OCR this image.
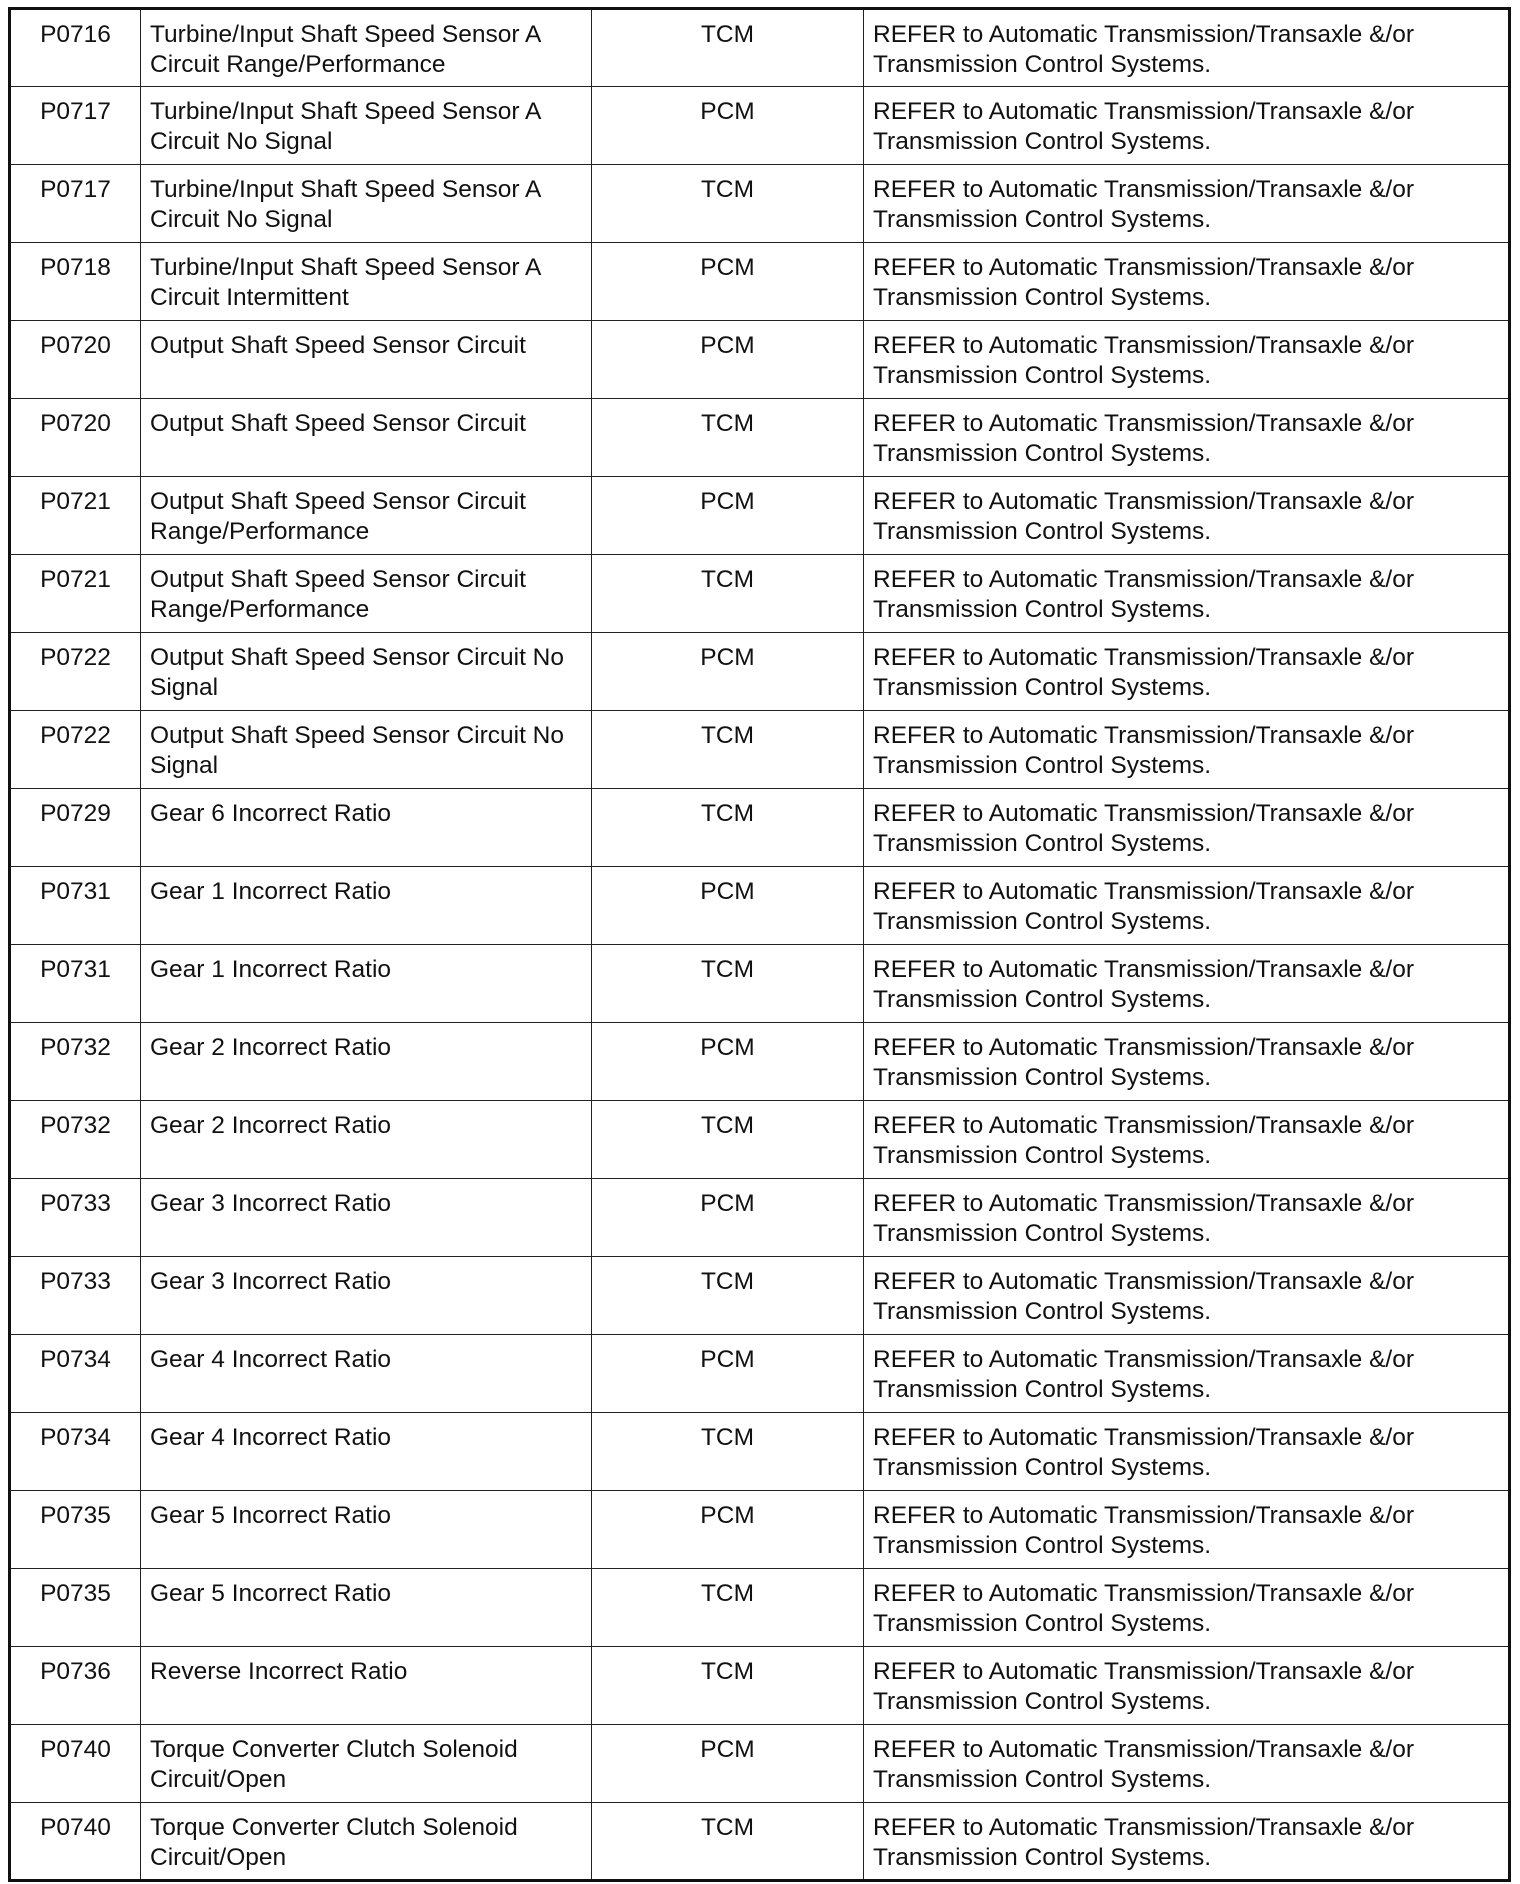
P0716	Turbine/Input Shaft Speed Sensor A Circuit Range/Performance	TCM	REFER to Automatic Transmission/Transaxle &/or Transmission Control Systems.
P0717	Turbine/Input Shaft Speed Sensor A Circuit No Signal	PCM	REFER to Automatic Transmission/Transaxle &/or Transmission Control Systems.
P0717	Turbine/Input Shaft Speed Sensor A Circuit No Signal	TCM	REFER to Automatic Transmission/Transaxle &/or Transmission Control Systems.
P0718	Turbine/Input Shaft Speed Sensor A Circuit Intermittent	PCM	REFER to Automatic Transmission/Transaxle &/or Transmission Control Systems.
P0720	Output Shaft Speed Sensor Circuit	PCM	REFER to Automatic Transmission/Transaxle &/or Transmission Control Systems.
P0720	Output Shaft Speed Sensor Circuit	TCM	REFER to Automatic Transmission/Transaxle &/or Transmission Control Systems.
P0721	Output Shaft Speed Sensor Circuit Range/Performance	PCM	REFER to Automatic Transmission/Transaxle &/or Transmission Control Systems.
P0721	Output Shaft Speed Sensor Circuit Range/Performance	TCM	REFER to Automatic Transmission/Transaxle &/or Transmission Control Systems.
P0722	Output Shaft Speed Sensor Circuit No Signal	PCM	REFER to Automatic Transmission/Transaxle &/or Transmission Control Systems.
P0722	Output Shaft Speed Sensor Circuit No Signal	TCM	REFER to Automatic Transmission/Transaxle &/or Transmission Control Systems.
P0729	Gear 6 Incorrect Ratio	TCM	REFER to Automatic Transmission/Transaxle &/or Transmission Control Systems.
P0731	Gear 1 Incorrect Ratio	PCM	REFER to Automatic Transmission/Transaxle &/or Transmission Control Systems.
P0731	Gear 1 Incorrect Ratio	TCM	REFER to Automatic Transmission/Transaxle &/or Transmission Control Systems.
P0732	Gear 2 Incorrect Ratio	PCM	REFER to Automatic Transmission/Transaxle &/or Transmission Control Systems.
P0732	Gear 2 Incorrect Ratio	TCM	REFER to Automatic Transmission/Transaxle &/or Transmission Control Systems.
P0733	Gear 3 Incorrect Ratio	PCM	REFER to Automatic Transmission/Transaxle &/or Transmission Control Systems.
P0733	Gear 3 Incorrect Ratio	TCM	REFER to Automatic Transmission/Transaxle &/or Transmission Control Systems.
P0734	Gear 4 Incorrect Ratio	PCM	REFER to Automatic Transmission/Transaxle &/or Transmission Control Systems.
P0734	Gear 4 Incorrect Ratio	TCM	REFER to Automatic Transmission/Transaxle &/or Transmission Control Systems.
P0735	Gear 5 Incorrect Ratio	PCM	REFER to Automatic Transmission/Transaxle &/or Transmission Control Systems.
P0735	Gear 5 Incorrect Ratio	TCM	REFER to Automatic Transmission/Transaxle &/or Transmission Control Systems.
P0736	Reverse Incorrect Ratio	TCM	REFER to Automatic Transmission/Transaxle &/or Transmission Control Systems.
P0740	Torque Converter Clutch Solenoid Circuit/Open	PCM	REFER to Automatic Transmission/Transaxle &/or Transmission Control Systems.
P0740	Torque Converter Clutch Solenoid Circuit/Open	TCM	REFER to Automatic Transmission/Transaxle &/or Transmission Control Systems.
